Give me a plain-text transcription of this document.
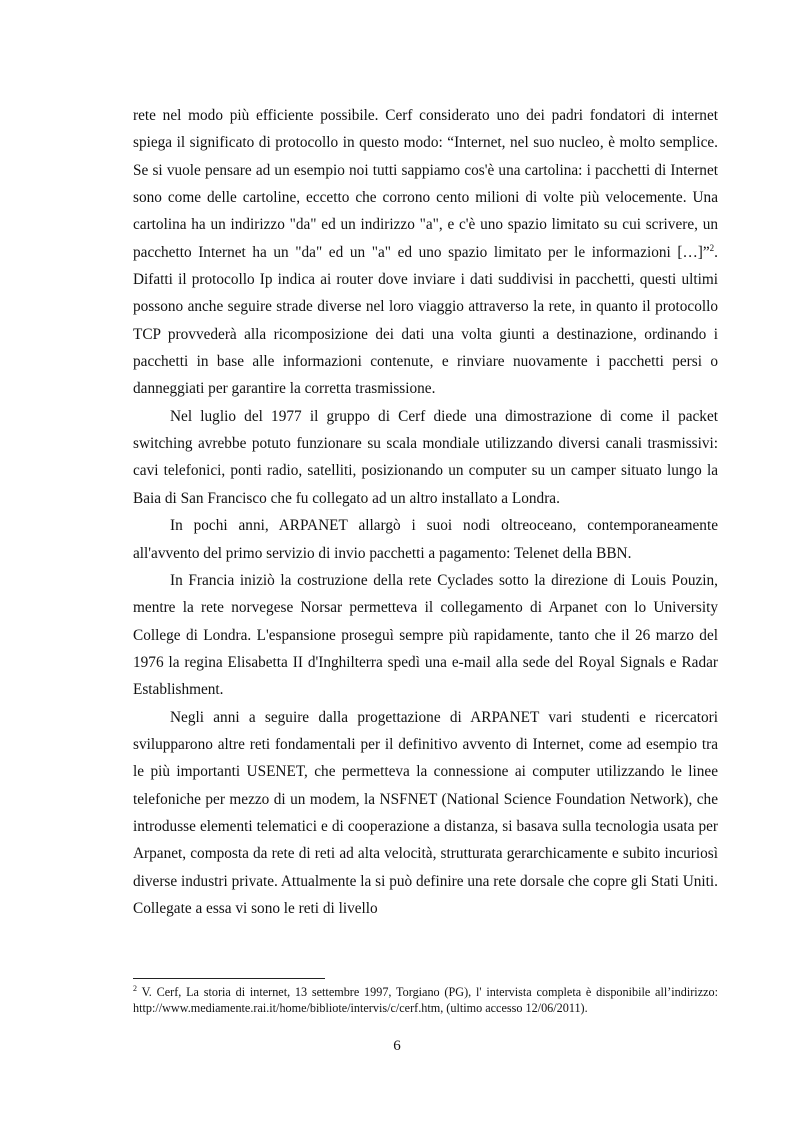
rete nel modo più efficiente possibile. Cerf considerato uno dei padri fondatori di internet spiega il significato di protocollo in questo modo: “Internet, nel suo nucleo, è molto semplice. Se si vuole pensare ad un esempio noi tutti sappiamo cos'è una cartolina: i pacchetti di Internet sono come delle cartoline, eccetto che corrono cento milioni di volte più velocemente. Una cartolina ha un indirizzo "da" ed un indirizzo "a", e c'è uno spazio limitato su cui scrivere, un pacchetto Internet ha un "da" ed un "a" ed uno spazio limitato per le informazioni […]”$^2$. Difatti il protocollo Ip indica ai router dove inviare i dati suddivisi in pacchetti, questi ultimi possono anche seguire strade diverse nel loro viaggio attraverso la rete, in quanto il protocollo TCP provvederà alla ricomposizione dei dati una volta giunti a destinazione, ordinando i pacchetti in base alle informazioni contenute, e rinviare nuovamente i pacchetti persi o danneggiati per garantire la corretta trasmissione.

Nel luglio del 1977 il gruppo di Cerf diede una dimostrazione di come il packet switching avrebbe potuto funzionare su scala mondiale utilizzando diversi canali trasmissivi: cavi telefonici, ponti radio, satelliti, posizionando un computer su un camper situato lungo la Baia di San Francisco che fu collegato ad un altro installato a Londra.

In pochi anni, ARPANET allargò i suoi nodi oltreoceano, contemporaneamente all'avvento del primo servizio di invio pacchetti a pagamento: Telenet della BBN.

In Francia iniziò la costruzione della rete Cyclades sotto la direzione di Louis Pouzin, mentre la rete norvegese Norsar permetteva il collegamento di Arpanet con lo University College di Londra. L'espansione proseguì sempre più rapidamente, tanto che il 26 marzo del 1976 la regina Elisabetta II d'Inghilterra spedì una e-mail alla sede del Royal Signals e Radar Establishment.

Negli anni a seguire dalla progettazione di ARPANET vari studenti e ricercatori svilupparono altre reti fondamentali per il definitivo avvento di Internet, come ad esempio tra le più importanti USENET, che permetteva la connessione ai computer utilizzando le linee telefoniche per mezzo di un modem, la NSFNET (National Science Foundation Network), che introdusse elementi telematici e di cooperazione a distanza, si basava sulla tecnologia usata per Arpanet, composta da rete di reti ad alta velocità, strutturata gerarchicamente e subito incuriosì diverse industri private. Attualmente la si può definire una rete dorsale che copre gli Stati Uniti. Collegate a essa vi sono le reti di livello

$^2$ V. Cerf, La storia di internet, 13 settembre 1997, Torgiano (PG), l' intervista completa è disponibile all’indirizzo: http://www.mediamente.rai.it/home/bibliote/intervis/c/cerf.htm, (ultimo accesso 12/06/2011).
6
